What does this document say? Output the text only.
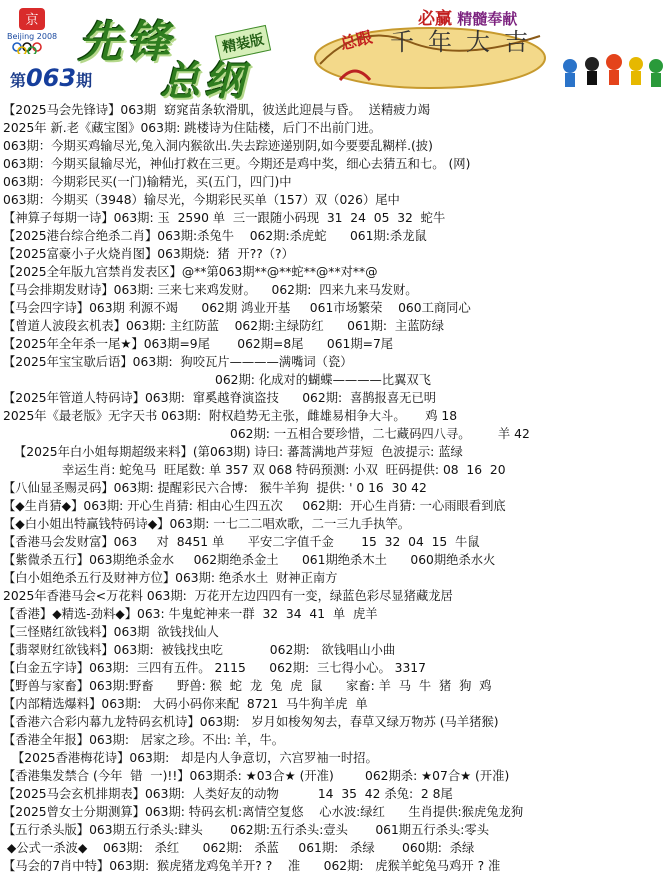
京
Beijing 2008 先锋
总纲
精装版
第063期
必赢 精髓奉献
总跟 千年大吉
【2025马会先锋诗】063期  窈窕苗条软滑肌，彼送此迎晨与昏。  送精疲力竭
2025年 新.老《藏宝图》063期: 跳楼诗为住陆楼，后门不出前门进。
063期：今期买鸡输尽光,兔入洞内猴欲出.失去踪迹递别阴,如今要要乱糊样.(披)
063期：今期买鼠输尽光，神仙打救在三更。今期还是鸡中奖，细心去猜五和七。 (网)
063期：今期彩民买(一门)输精光，买(五门，四门)中
063期：今期买（3948）输尽光，今期彩民买单（157）双（026）尾中
【神算子每期一诗】063期: 玉  2590 单  三一跟随小码现  31  24  05  32  蛇牛
【2025港台综合绝杀二肖】063期:杀兔牛    062期:杀虎蛇      061期:杀龙鼠
【2025富豪小子火烧肖图】063期烧:  猪  开??（?）
【2025全年版九宫禁肖发表区】@**第063期**@**蛇**@**对**@
【马会排期发财诗】063期: 三来七来鸡发财。    062期:  四来九来马发财。
【马会四字诗】063期 利源不竭      062期 鸿业开基     061市场繁荣    060工商同心
【曾道人波段玄机表】063期: 主红防蓝    062期:主绿防红      061期:  主蓝防绿
【2025年全年杀一尾★】063期=9尾       062期=8尾      061期=7尾
【2025年宝宝歇后语】063期:  狗咬瓦片————满嘴词（瓷）
062期: 化成对的蝴蝶————比翼双飞
【2025年管道人特码诗】063期:  窜奚越脊演盗技      062期:  喜鹊报喜无已明
2025年《最老版》无字天书 063期:  附权趋势无主张，雌雄易相争大斗。     鸡 18
062期: 一五相合要珍惜，二七藏码四八寻。       羊 42
【2025年白小姐每期超级来料】(第063期) 诗曰: 蕃蒿满地芦芽短  色波提示: 蓝绿
幸运生肖: 蛇兔马  旺尾数: 单 357 双 068 特码预测: 小双  旺码提供: 08  16  20
【八仙显圣赐灵码】063期: 提醒彩民六合博:   猴牛羊狗  提供: ' 0 16  30 42
【◆生肖猜◆】063期: 开心生肖猜: 相由心生四五次     062期:  开心生肖猜: 一心雨眼看到底
【◆白小姐出特赢钱特码诗◆】063期: 一七二二唱欢歌，二一三九手执竿。
【香港马会发财富】063     对  8451 单      平安二字值千金       15  32  04  15  牛鼠
【紫微杀五行】063期绝杀金水     062期绝杀金土      061期绝杀木土      060期绝杀水火
【白小姐绝杀五行及财神方位】063期: 绝杀水土  财神正南方
2025年香港马会<万花料 063期:  万花开左边四四有一变，绿蓝色彩尽显猪藏龙居
【香港】◆精选-劲料◆】063: 牛鬼蛇神来一群  32  34  41  单  虎羊
【三怪赌红欲钱料】063期  欲钱找仙人
【翡翠财红欲钱料】063期:  被钱找虫吃            062期:   欲钱唱山小曲
【白金五字诗】063期:  三四有五件。 2115      062期:  三七得小心。 3317
【野兽与家畜】063期:野畜      野兽: 猴  蛇  龙  兔  虎  鼠      家畜: 羊  马  牛  猪  狗  鸡
【内部精选爆料】063期:   大码小码你来配  8721  马牛狗羊虎  单
【香港六合彩内幕九龙特码玄机诗】063期:   岁月如梭匆匆去，春草又绿万物苏 (马羊猪猴)
【香港全年报】063期:   居家之珍。不出: 羊，牛。
【2025香港梅花诗】063期:   却是内人争意切，六宫罗袖一时招。
【香港集发禁合 (今年  错  一)!!】063期杀: ★03合★ (开准)        062期杀: ★07合★ (开准)
【2025马会玄机排期表】063期:  人类好友的动物          14  35  42 杀兔:  2 8尾
【2025曾女士分期测算】063期: 特码玄机:离情空复悠    心水波:绿红      生肖提供:猴虎兔龙狗
【五行杀头版】063期五行杀头:肆头       062期:五行杀头:壹头       061期五行杀头:零头
◆公式一杀波◆    063期:   杀红      062期:   杀蓝     061期:   杀绿       060期:  杀绿
【马会的7肖中特】063期:  猴虎猪龙鸡兔羊开? ?    准      062期:   虎猴羊蛇兔马鸡开 ? 准
